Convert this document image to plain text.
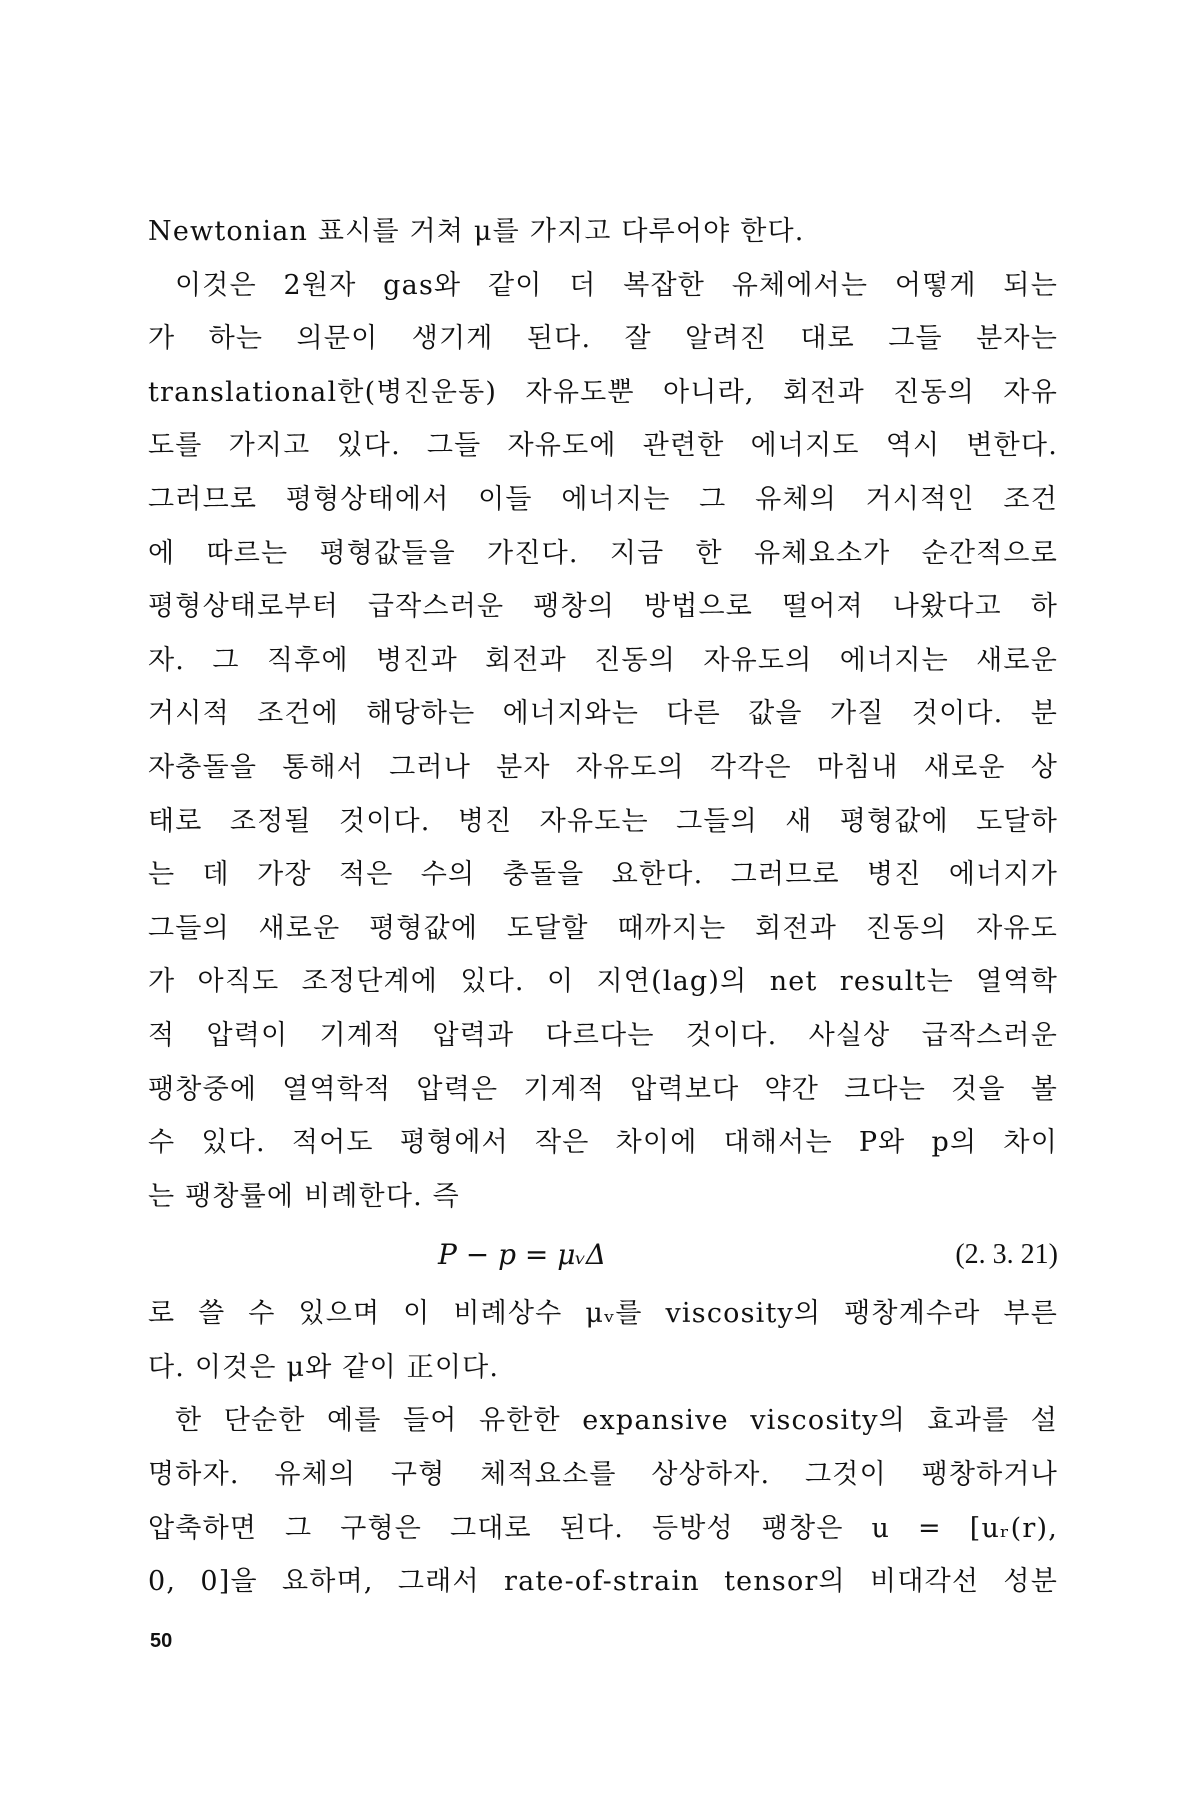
Newtonian 표시를 거쳐 μ를 가지고 다루어야 한다.

이것은 2원자 gas와 같이 더 복잡한 유체에서는 어떻게 되는
가 하는 의문이 생기게 된다. 잘 알려진 대로 그들 분자는
translational한(병진운동) 자유도뿐 아니라, 회전과 진동의 자유
도를 가지고 있다. 그들 자유도에 관련한 에너지도 역시 변한다.
그러므로 평형상태에서 이들 에너지는 그 유체의 거시적인 조건
에 따르는 평형값들을 가진다. 지금 한 유체요소가 순간적으로
평형상태로부터 급작스러운 팽창의 방법으로 떨어져 나왔다고 하
자. 그 직후에 병진과 회전과 진동의 자유도의 에너지는 새로운
거시적 조건에 해당하는 에너지와는 다른 값을 가질 것이다. 분
자충돌을 통해서 그러나 분자 자유도의 각각은 마침내 새로운 상
태로 조정될 것이다. 병진 자유도는 그들의 새 평형값에 도달하
는 데 가장 적은 수의 충돌을 요한다. 그러므로 병진 에너지가
그들의 새로운 평형값에 도달할 때까지는 회전과 진동의 자유도
가 아직도 조정단계에 있다. 이 지연(lag)의 net result는 열역학
적 압력이 기계적 압력과 다르다는 것이다. 사실상 급작스러운
팽창중에 열역학적 압력은 기계적 압력보다 약간 크다는 것을 볼
수 있다. 적어도 평형에서 작은 차이에 대해서는 P와 p의 차이
는 팽창률에 비례한다. 즉

P − p = μᵥΔ	(2. 3. 21)

로 쓸 수 있으며 이 비례상수 μᵥ를 viscosity의 팽창계수라 부른
다. 이것은 μ와 같이 正이다.

한 단순한 예를 들어 유한한 expansive viscosity의 효과를 설
명하자. 유체의 구형 체적요소를 상상하자. 그것이 팽창하거나
압축하면 그 구형은 그대로 된다. 등방성 팽창은 u = [uᵣ(r),
0, 0]을 요하며, 그래서 rate-of-strain tensor의 비대각선 성분

50
